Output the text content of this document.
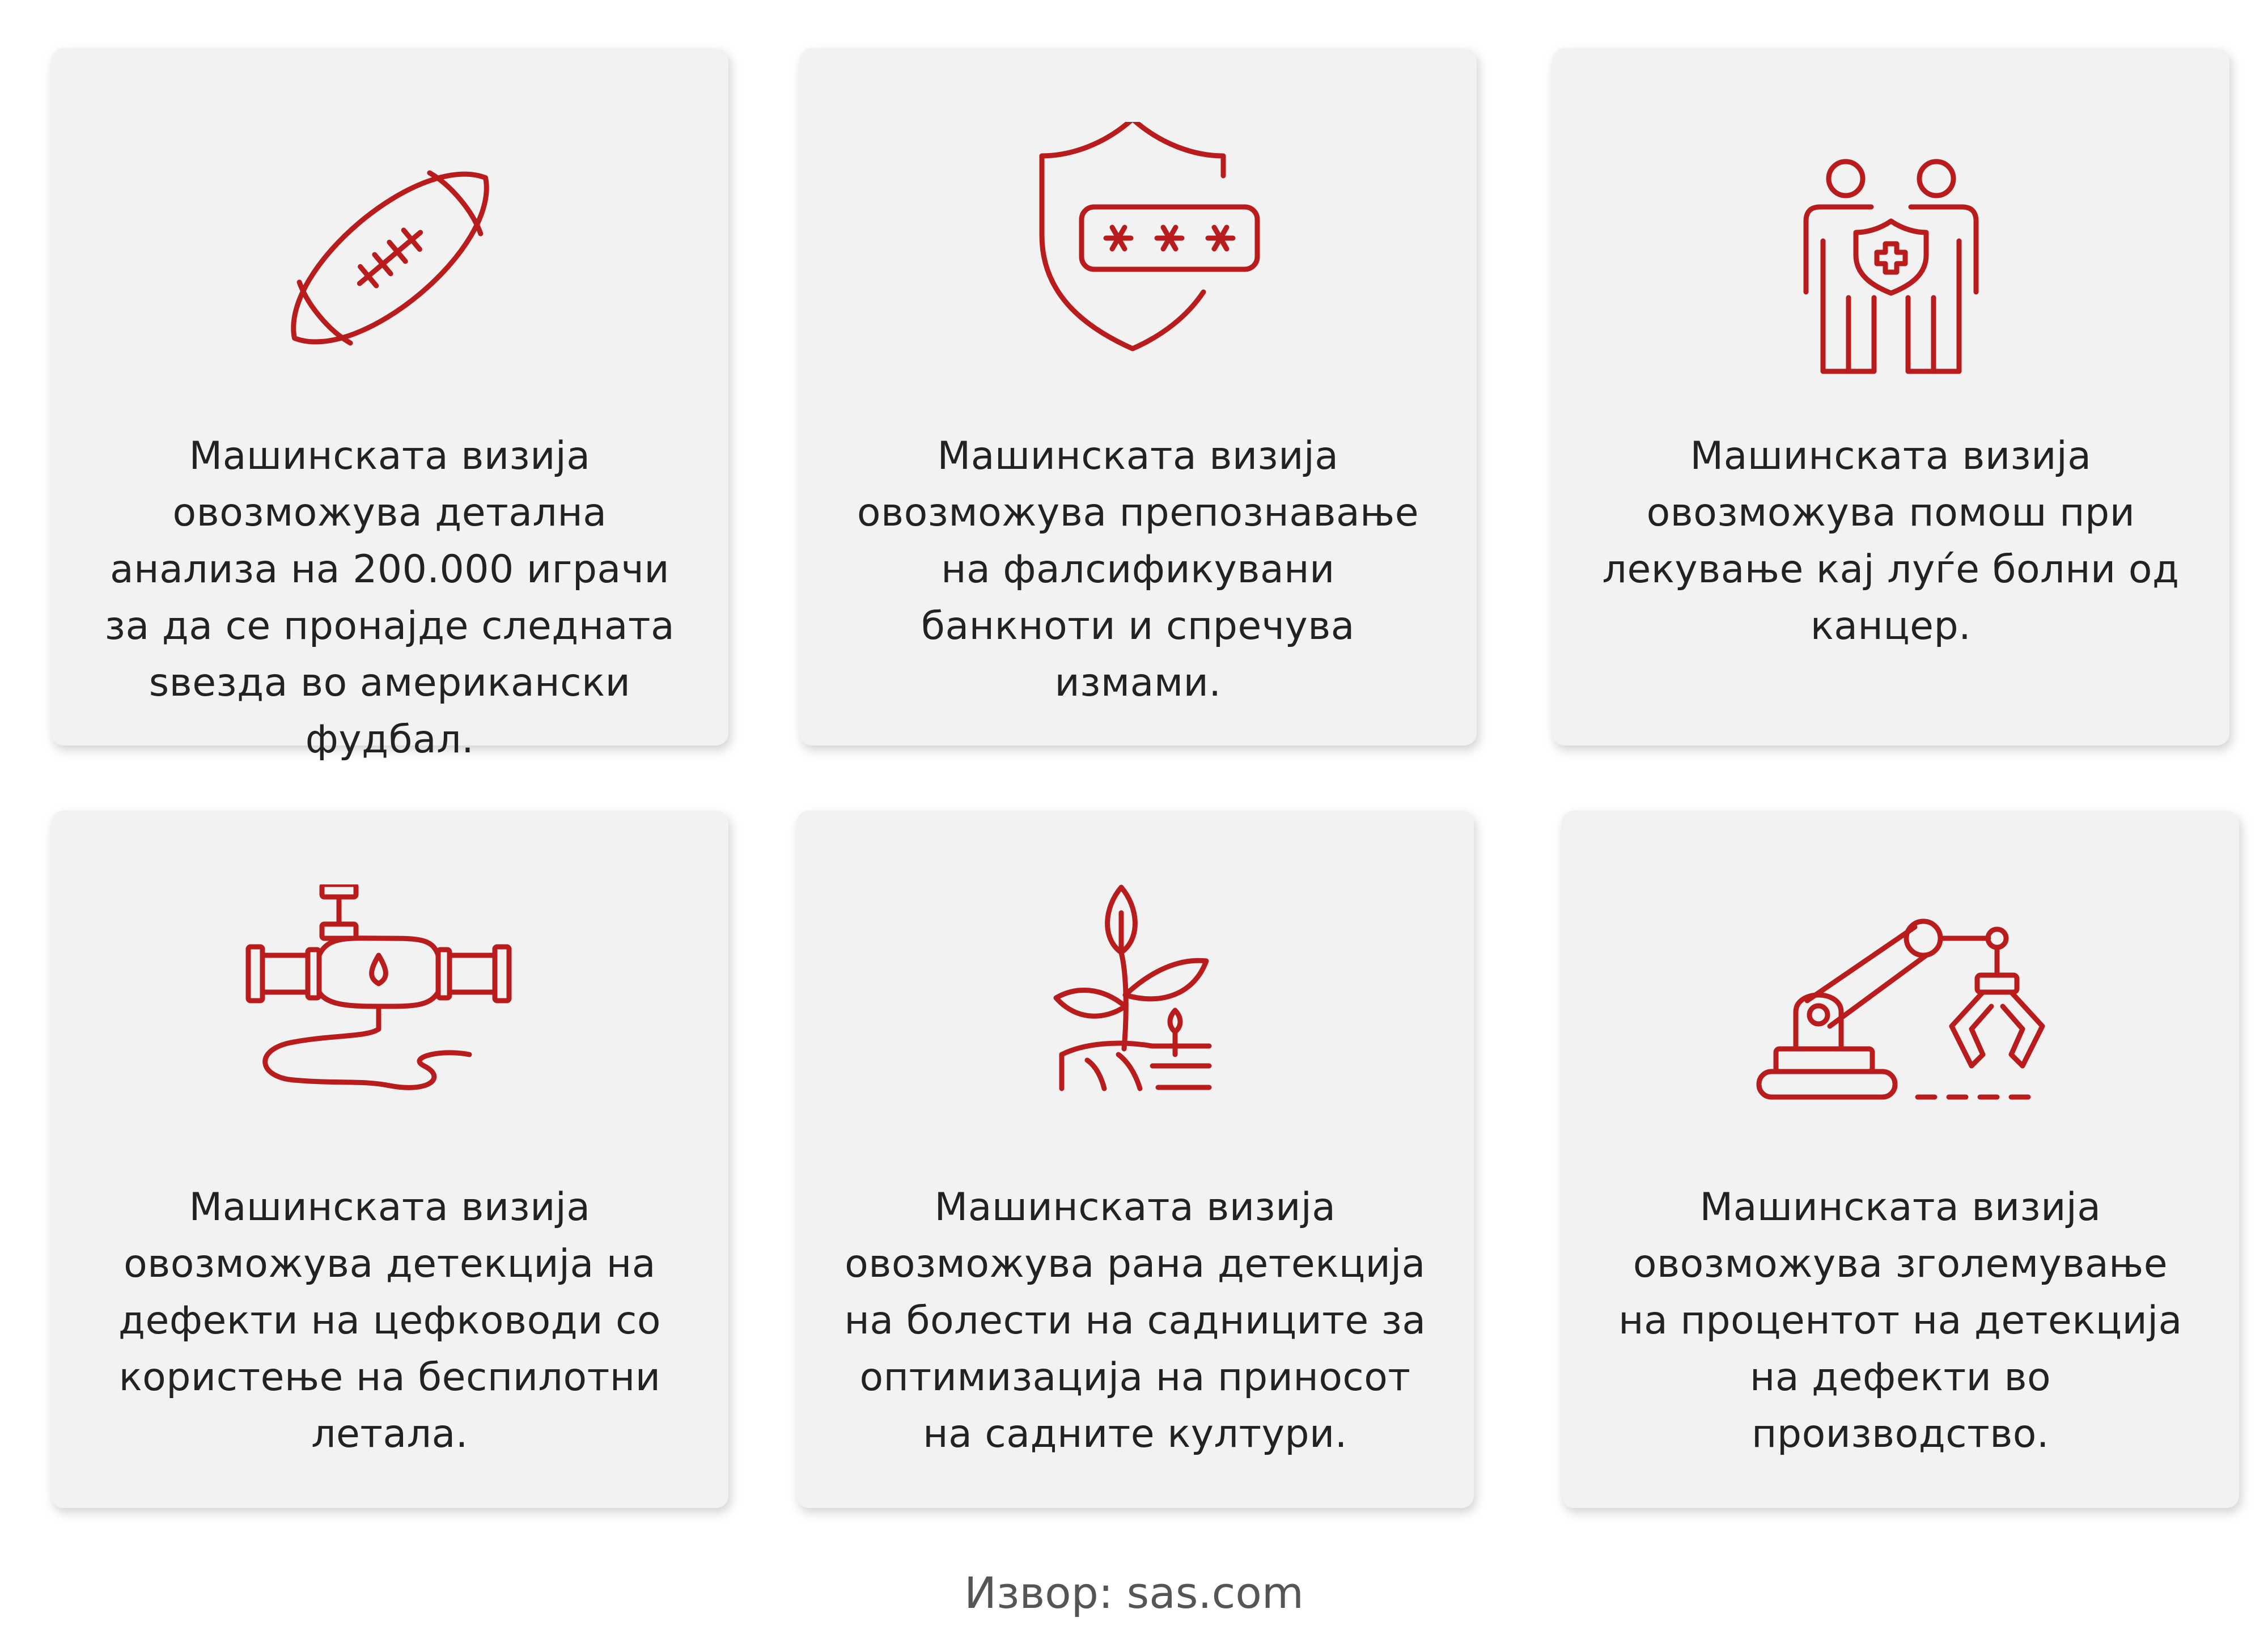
Машинската визија
овозможува детална
анализа на 200.000 играчи
за да се пронајде следната
ѕвезда во американски
фудбал.
Машинската визија
овозможува препознавање
на фалсификувани
банкноти и спречува
измами.
Машинската визија
овозможува помош при
лекување кај луѓе болни од
канцер.
Машинската визија
овозможува детекција на
дефекти на цефководи со
користење на беспилотни
летала.
Машинската визија
овозможува рана детекција
на болести на садниците за
оптимизација на приносот
на садните култури.
Машинската визија
овозможува зголемување
на процентот на детекција
на дефекти во
производство.
Извор: sas.com
